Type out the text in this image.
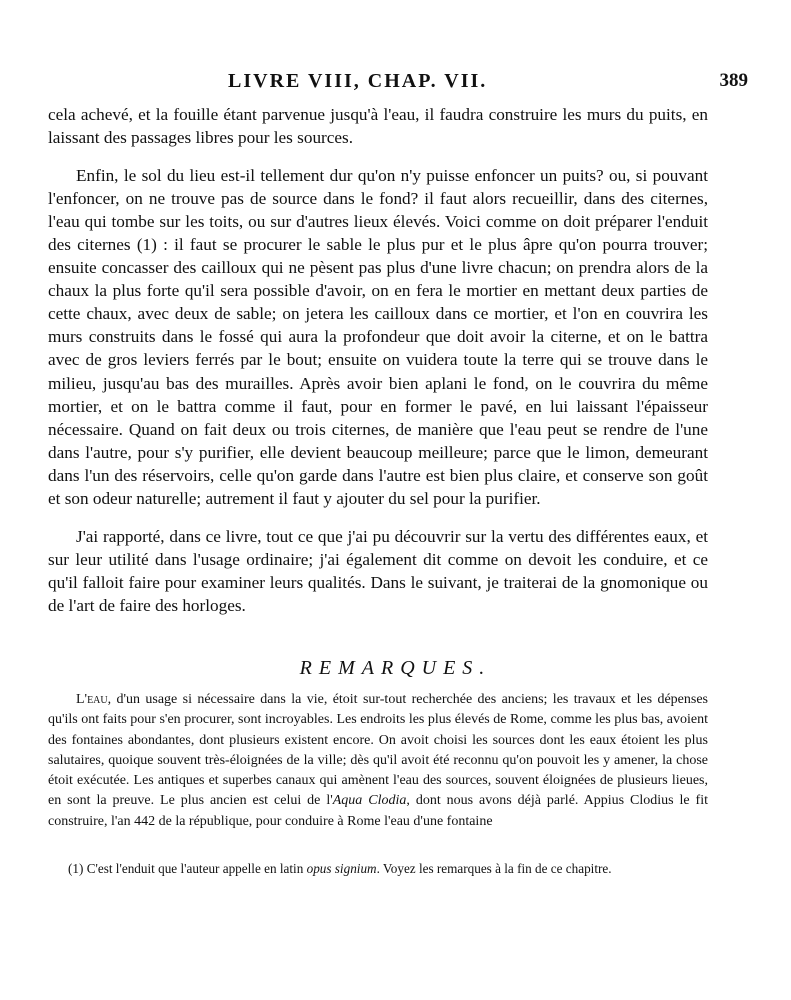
LIVRE VIII, CHAP. VII.	389

cela achevé, et la fouille étant parvenue jusqu'à l'eau, il faudra construire les murs du puits, en laissant des passages libres pour les sources.

Enfin, le sol du lieu est-il tellement dur qu'on n'y puisse enfoncer un puits? ou, si pouvant l'enfoncer, on ne trouve pas de source dans le fond? il faut alors recueillir, dans des citernes, l'eau qui tombe sur les toits, ou sur d'autres lieux élevés. Voici comme on doit préparer l'enduit des citernes (1) : il faut se procurer le sable le plus pur et le plus âpre qu'on pourra trouver; ensuite concasser des cailloux qui ne pèsent pas plus d'une livre chacun; on prendra alors de la chaux la plus forte qu'il sera possible d'avoir, on en fera le mortier en mettant deux parties de cette chaux, avec deux de sable; on jetera les cailloux dans ce mortier, et l'on en couvrira les murs construits dans le fossé qui aura la profondeur que doit avoir la citerne, et on le battra avec de gros leviers ferrés par le bout; ensuite on vuidera toute la terre qui se trouve dans le milieu, jusqu'au bas des murailles. Après avoir bien aplani le fond, on le couvrira du même mortier, et on le battra comme il faut, pour en former le pavé, en lui laissant l'épaisseur nécessaire. Quand on fait deux ou trois citernes, de manière que l'eau peut se rendre de l'une dans l'autre, pour s'y purifier, elle devient beaucoup meilleure; parce que le limon, demeurant dans l'un des réservoirs, celle qu'on garde dans l'autre est bien plus claire, et conserve son goût et son odeur naturelle; autrement il faut y ajouter du sel pour la purifier.

J'ai rapporté, dans ce livre, tout ce que j'ai pu découvrir sur la vertu des différentes eaux, et sur leur utilité dans l'usage ordinaire; j'ai également dit comme on devoit les conduire, et ce qu'il falloit faire pour examiner leurs qualités. Dans le suivant, je traiterai de la gnomonique ou de l'art de faire des horloges.

REMARQUES.

L'eau, d'un usage si nécessaire dans la vie, étoit sur-tout recherchée des anciens; les travaux et les dépenses qu'ils ont faits pour s'en procurer, sont incroyables. Les endroits les plus élevés de Rome, comme les plus bas, avoient des fontaines abondantes, dont plusieurs existent encore. On avoit choisi les sources dont les eaux étoient les plus salutaires, quoique souvent très-éloignées de la ville; dès qu'il avoit été reconnu qu'on pouvoit les y amener, la chose étoit exécutée. Les antiques et superbes canaux qui amènent l'eau des sources, souvent éloignées de plusieurs lieues, en sont la preuve. Le plus ancien est celui de l'Aqua Clodia, dont nous avons déjà parlé. Appius Clodius le fit construire, l'an 442 de la république, pour conduire à Rome l'eau d'une fontaine

(1) C'est l'enduit que l'auteur appelle en latin opus signium. Voyez les remarques à la fin de ce chapitre.
